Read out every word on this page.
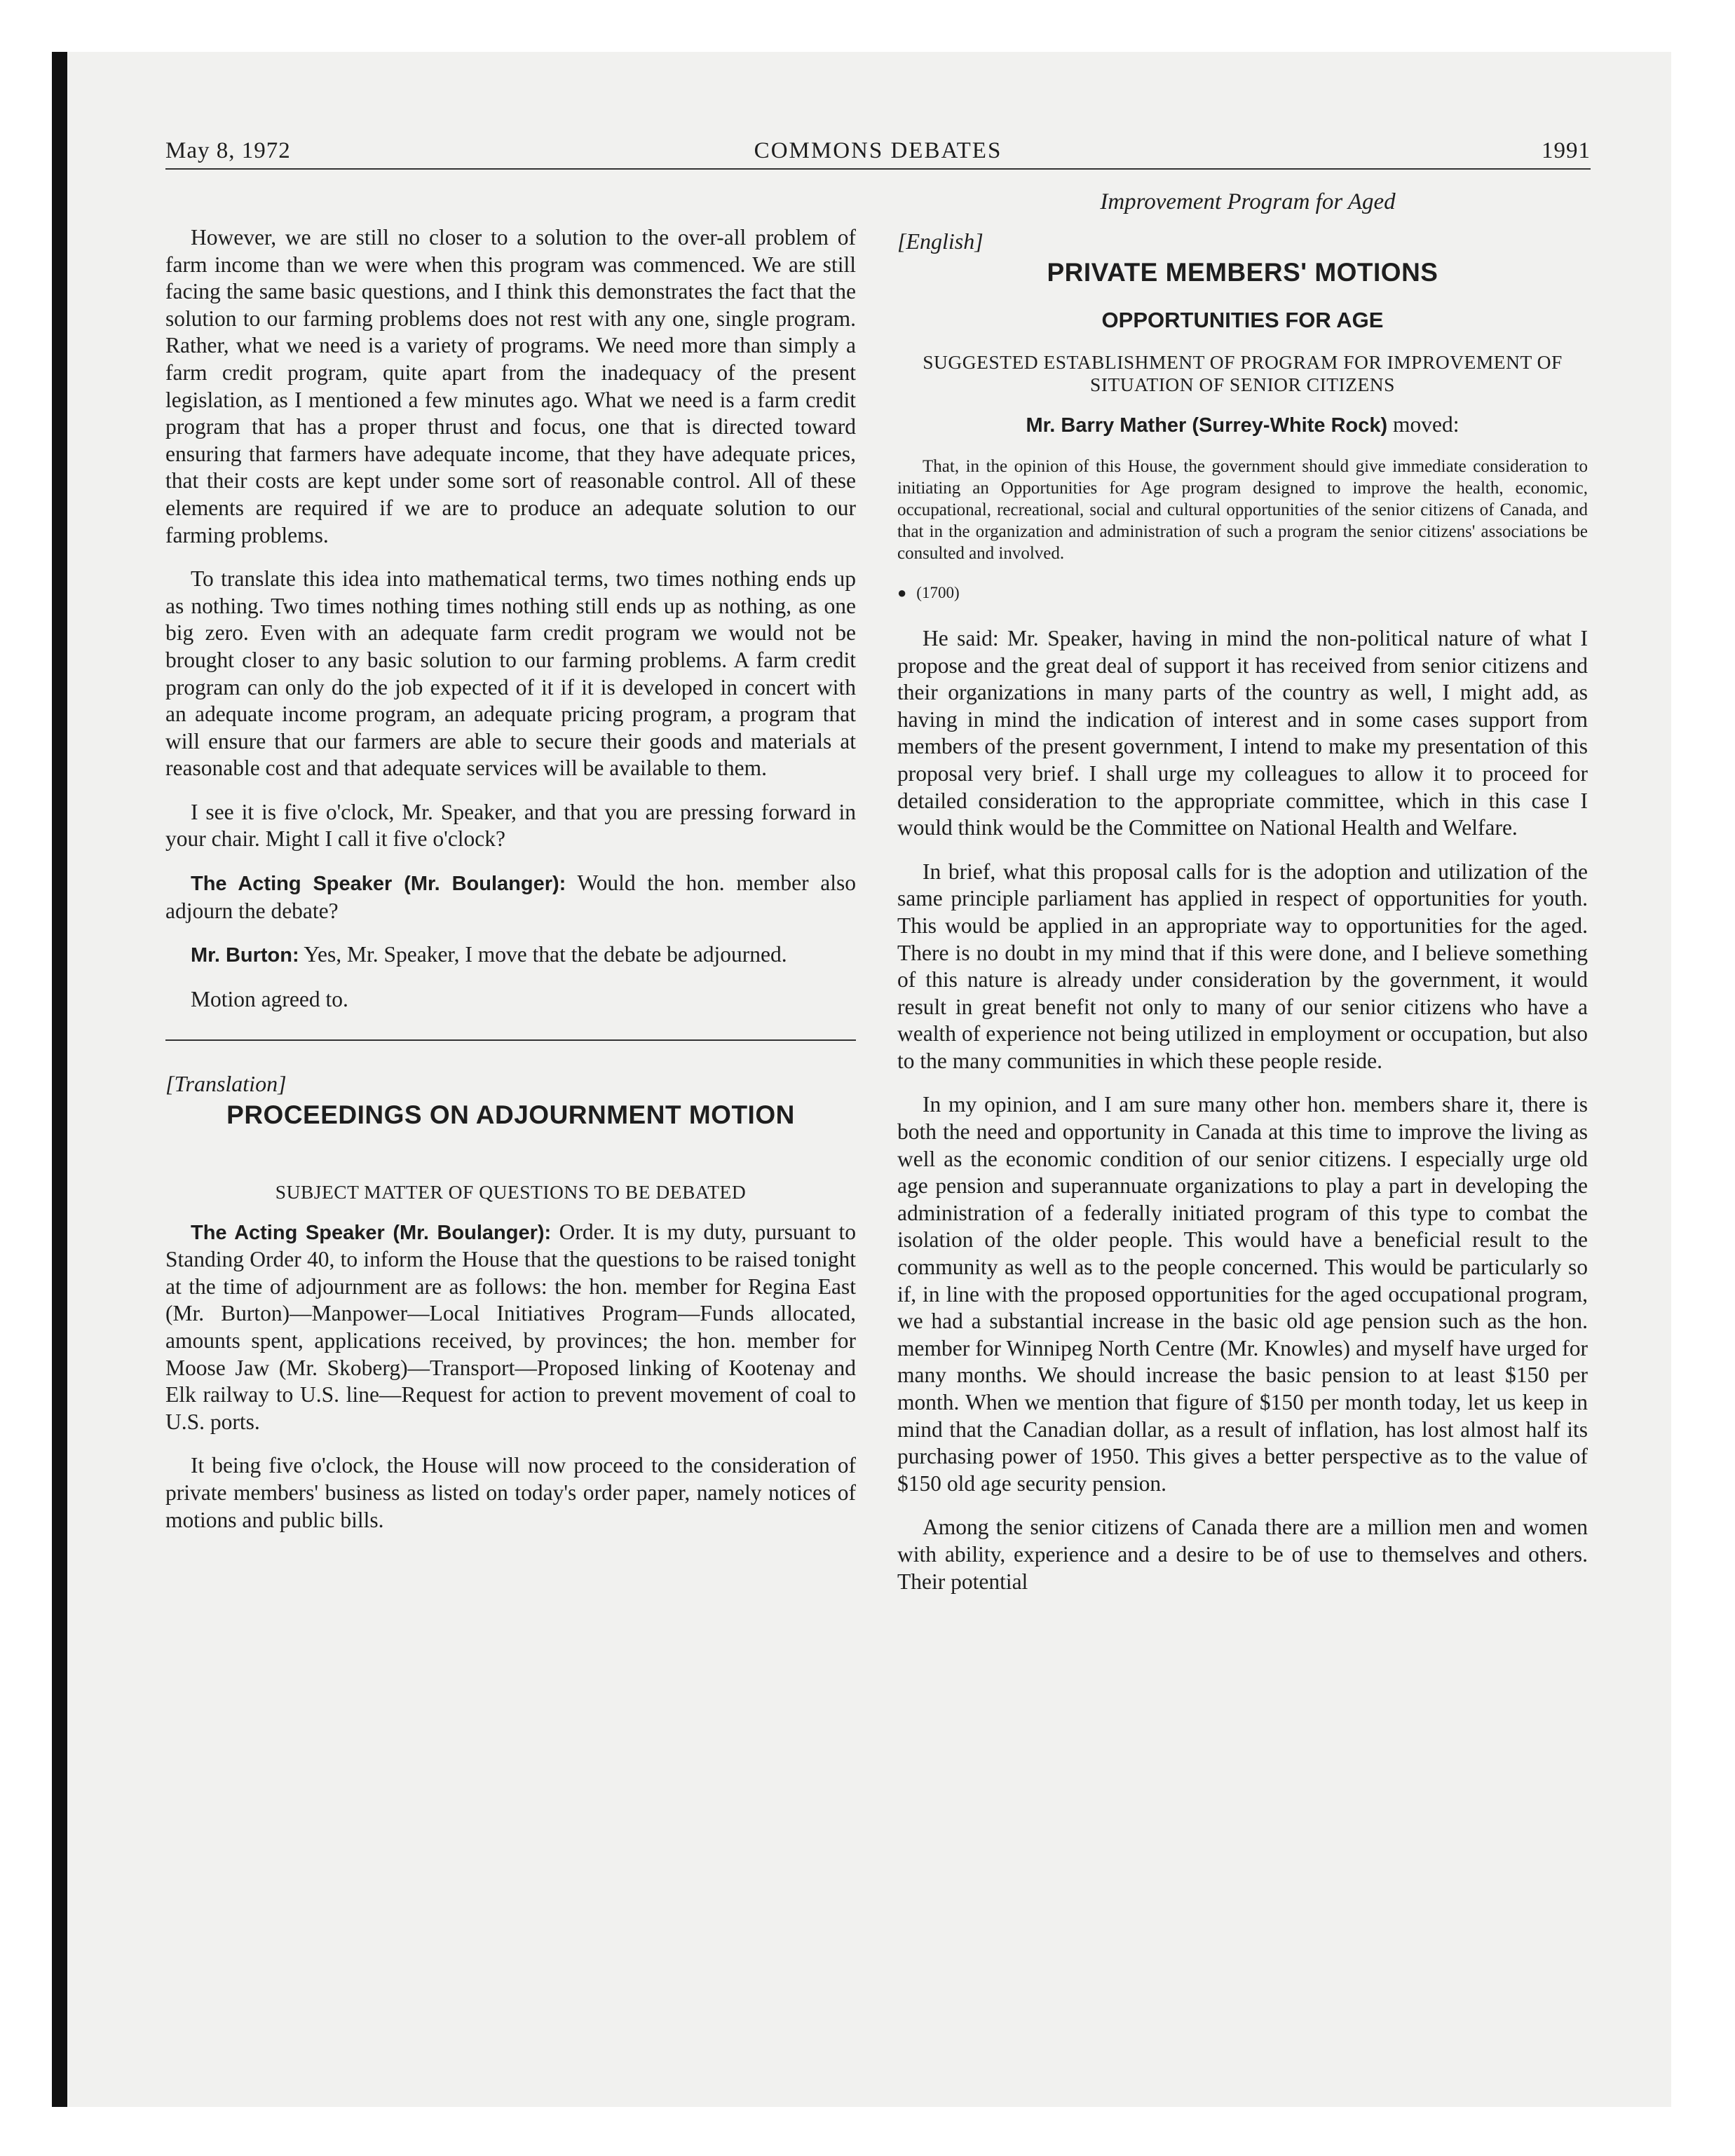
May 8, 1972	COMMONS DEBATES	1991
Improvement Program for Aged

However, we are still no closer to a solution to the over-all problem of farm income than we were when this program was commenced. We are still facing the same basic questions, and I think this demonstrates the fact that the solution to our farming problems does not rest with any one, single program. Rather, what we need is a variety of programs. We need more than simply a farm credit program, quite apart from the inadequacy of the present legislation, as I mentioned a few minutes ago. What we need is a farm credit program that has a proper thrust and focus, one that is directed toward ensuring that farmers have adequate income, that they have adequate prices, that their costs are kept under some sort of reasonable control. All of these elements are required if we are to produce an adequate solution to our farming problems.

To translate this idea into mathematical terms, two times nothing ends up as nothing. Two times nothing times nothing still ends up as nothing, as one big zero. Even with an adequate farm credit program we would not be brought closer to any basic solution to our farming problems. A farm credit program can only do the job expected of it if it is developed in concert with an adequate income program, an adequate pricing program, a program that will ensure that our farmers are able to secure their goods and materials at reasonable cost and that adequate services will be available to them.

I see it is five o'clock, Mr. Speaker, and that you are pressing forward in your chair. Might I call it five o'clock?

The Acting Speaker (Mr. Boulanger): Would the hon. member also adjourn the debate?

Mr. Burton: Yes, Mr. Speaker, I move that the debate be adjourned.

Motion agreed to.

[Translation]
PROCEEDINGS ON ADJOURNMENT MOTION
SUBJECT MATTER OF QUESTIONS TO BE DEBATED

The Acting Speaker (Mr. Boulanger): Order. It is my duty, pursuant to Standing Order 40, to inform the House that the questions to be raised tonight at the time of adjournment are as follows: the hon. member for Regina East (Mr. Burton)—Manpower—Local Initiatives Program—Funds allocated, amounts spent, applications received, by provinces; the hon. member for Moose Jaw (Mr. Skoberg)—Transport—Proposed linking of Kootenay and Elk railway to U.S. line—Request for action to prevent movement of coal to U.S. ports.

It being five o'clock, the House will now proceed to the consideration of private members' business as listed on today's order paper, namely notices of motions and public bills.

[English]
PRIVATE MEMBERS' MOTIONS
OPPORTUNITIES FOR AGE
SUGGESTED ESTABLISHMENT OF PROGRAM FOR IMPROVEMENT OF SITUATION OF SENIOR CITIZENS

Mr. Barry Mather (Surrey-White Rock) moved:

That, in the opinion of this House, the government should give immediate consideration to initiating an Opportunities for Age program designed to improve the health, economic, occupational, recreational, social and cultural opportunities of the senior citizens of Canada, and that in the organization and administration of such a program the senior citizens' associations be consulted and involved.
● (1700)

He said: Mr. Speaker, having in mind the non-political nature of what I propose and the great deal of support it has received from senior citizens and their organizations in many parts of the country as well, I might add, as having in mind the indication of interest and in some cases support from members of the present government, I intend to make my presentation of this proposal very brief. I shall urge my colleagues to allow it to proceed for detailed consideration to the appropriate committee, which in this case I would think would be the Committee on National Health and Welfare.

In brief, what this proposal calls for is the adoption and utilization of the same principle parliament has applied in respect of opportunities for youth. This would be applied in an appropriate way to opportunities for the aged. There is no doubt in my mind that if this were done, and I believe something of this nature is already under consideration by the government, it would result in great benefit not only to many of our senior citizens who have a wealth of experience not being utilized in employment or occupation, but also to the many communities in which these people reside.

In my opinion, and I am sure many other hon. members share it, there is both the need and opportunity in Canada at this time to improve the living as well as the economic condition of our senior citizens. I especially urge old age pension and superannuate organizations to play a part in developing the administration of a federally initiated program of this type to combat the isolation of the older people. This would have a beneficial result to the community as well as to the people concerned. This would be particularly so if, in line with the proposed opportunities for the aged occupational program, we had a substantial increase in the basic old age pension such as the hon. member for Winnipeg North Centre (Mr. Knowles) and myself have urged for many months. We should increase the basic pension to at least $150 per month. When we mention that figure of $150 per month today, let us keep in mind that the Canadian dollar, as a result of inflation, has lost almost half its purchasing power of 1950. This gives a better perspective as to the value of $150 old age security pension.

Among the senior citizens of Canada there are a million men and women with ability, experience and a desire to be of use to themselves and others. Their potential
